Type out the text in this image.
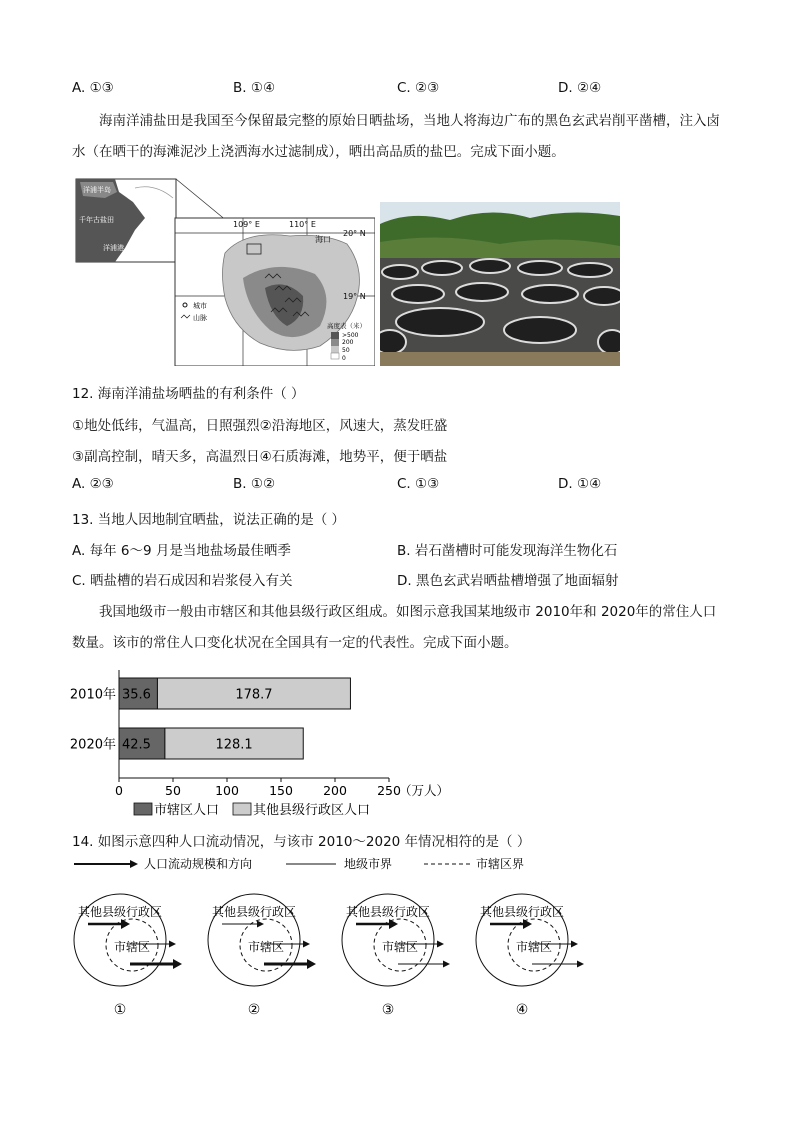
A. ①③	B. ①④	C. ②③	D. ②④
海南洋浦盐田是我国至今保留最完整的原始日晒盐场，当地人将海边广布的黑色玄武岩削平凿槽，注入卤水（在晒干的海滩泥沙上浇洒海水过滤制成），晒出高品质的盐巴。完成下面小题。
洋浦半岛
千年古盐田
洋浦港
109° E	110° E
20° N
19° N
海口
城市
山脉
高度表（米）
>500
200
50
0
12. 海南洋浦盐场晒盐的有利条件（ ）
①地处低纬，气温高，日照强烈②沿海地区，风速大，蒸发旺盛
③副高控制，晴天多，高温烈日④石质海滩，地势平，便于晒盐
A. ②③	B. ①②	C. ①③	D. ①④
13. 当地人因地制宜晒盐，说法正确的是（ ）
A. 每年 6～9 月是当地盐场最佳晒季	B. 岩石凿槽时可能发现海洋生物化石
C. 晒盐槽的岩石成因和岩浆侵入有关	D. 黑色玄武岩晒盐槽增强了地面辐射
我国地级市一般由市辖区和其他县级行政区组成。如图示意我国某地级市 2010年和 2020年的常住人口数量。该市的常住人口变化状况在全国具有一定的代表性。完成下面小题。
2010年 35.6	178.7
2020年 42.5	128.1
0	50	100 150 200 250
（万人）
市辖区人口	其他县级行政区人口
14. 如图示意四种人口流动情况，与该市 2010～2020 年情况相符的是（ ）
人口流动规模和方向	地级市界	市辖区界
其他县级行政区
市辖区
①
其他县级行政区
市辖区
②
其他县级行政区
市辖区
③
其他县级行政区
市辖区
④
